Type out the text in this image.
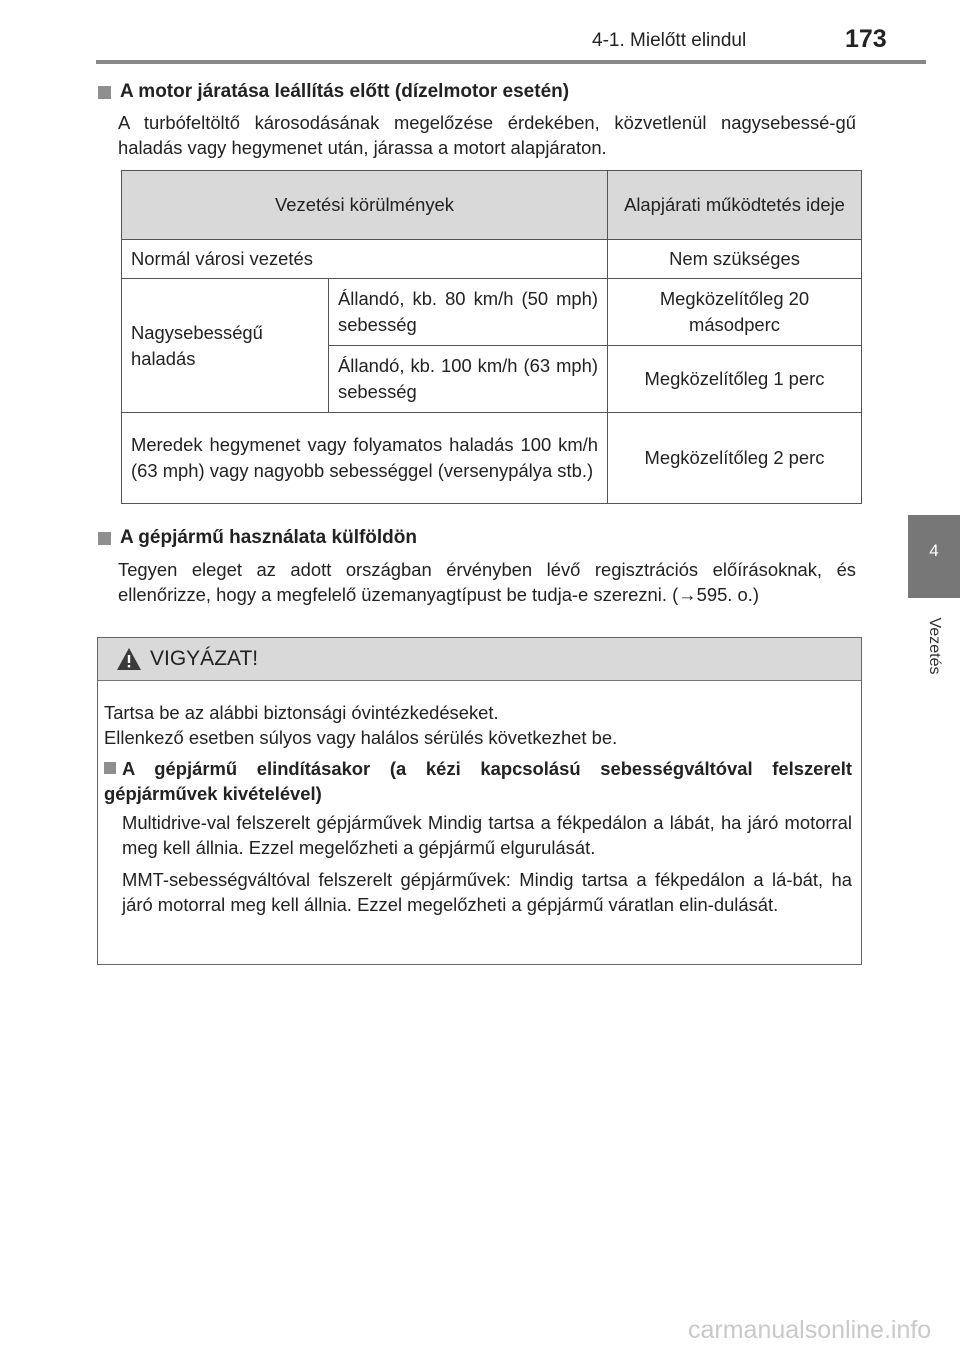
4-1. Mielőtt elindul	173
4
Vezetés
A motor járatása leállítás előtt (dízelmotor esetén)
A turbófeltöltő károsodásának megelőzése érdekében, közvetlenül nagysebessé-gű haladás vagy hegymenet után, járassa a motort alapjáraton.
Vezetési körülmények		Alapjárati működtetés ideje
Normál városi vezetés		Nem szükséges
Nagysebességű haladás	Állandó, kb. 80 km/h (50 mph) sebesség	Megközelítőleg 20 másodperc
	Állandó, kb. 100 km/h (63 mph) sebesség	Megközelítőleg 1 perc
Meredek hegymenet vagy folyamatos haladás 100 km/h (63 mph) vagy nagyobb sebességgel (versenypálya stb.)		Megközelítőleg 2 perc
A gépjármű használata külföldön
Tegyen eleget az adott országban érvényben lévő regisztrációs előírásoknak, és ellenőrizze, hogy a megfelelő üzemanyagtípust be tudja-e szerezni. (→595. o.)
VIGYÁZAT!
Tartsa be az alábbi biztonsági óvintézkedéseket.
Ellenkező esetben súlyos vagy halálos sérülés következhet be.
A gépjármű elindításakor (a kézi kapcsolású sebességváltóval felszerelt gépjárművek kivételével)
Multidrive-val felszerelt gépjárművek Mindig tartsa a fékpedálon a lábát, ha járó motorral meg kell állnia. Ezzel megelőzheti a gépjármű elgurulását.
MMT-sebességváltóval felszerelt gépjárművek: Mindig tartsa a fékpedálon a lá-bát, ha járó motorral meg kell állnia. Ezzel megelőzheti a gépjármű váratlan elin-dulását.
carmanualsonline.info
